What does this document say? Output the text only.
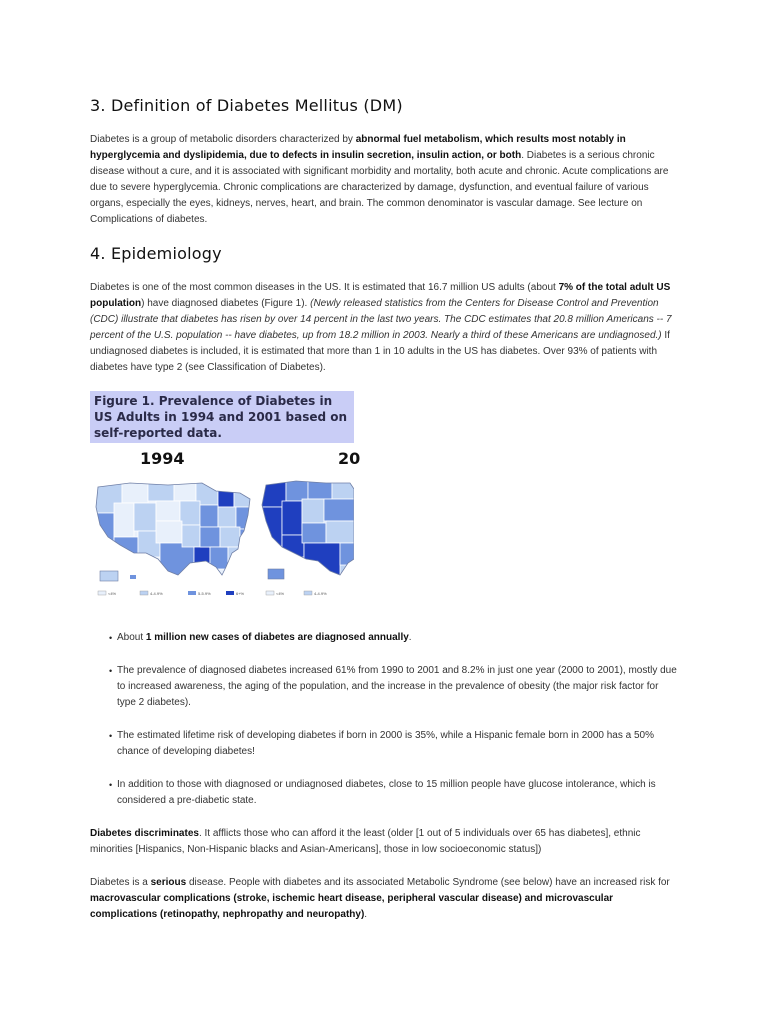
3. Definition of Diabetes Mellitus (DM)

Diabetes is a group of metabolic disorders characterized by abnormal fuel metabolism, which results most notably in hyperglycemia and dyslipidemia, due to defects in insulin secretion, insulin action, or both. Diabetes is a serious chronic disease without a cure, and it is associated with significant morbidity and mortality, both acute and chronic. Acute complications are due to severe hyperglycemia. Chronic complications are characterized by damage, dysfunction, and eventual failure of various organs, especially the eyes, kidneys, nerves, heart, and brain. The common denominator is vascular damage. See lecture on Complications of diabetes.

4. Epidemiology

Diabetes is one of the most common diseases in the US. It is estimated that 16.7 million US adults (about 7% of the total adult US population) have diagnosed diabetes (Figure 1). (Newly released statistics from the Centers for Disease Control and Prevention (CDC) illustrate that diabetes has risen by over 14 percent in the last two years. The CDC estimates that 20.8 million Americans -- 7 percent of the U.S. population -- have diabetes, up from 18.2 million in 2003. Nearly a third of these Americans are undiagnosed.) If undiagnosed diabetes is included, it is estimated that more than 1 in 10 adults in the US has diabetes. Over 93% of patients with diabetes have type 2 (see Classification of Diabetes).

Figure 1. Prevalence of Diabetes in US Adults in 1994 and 2001 based on self-reported data.
1994	20
<4%	4-4.9%	5-5.9%	6+%	<4%	4-4.9%
• About 1 million new cases of diabetes are diagnosed annually.
• The prevalence of diagnosed diabetes increased 61% from 1990 to 2001 and 8.2% in just one year (2000 to 2001), mostly due to increased awareness, the aging of the population, and the increase in the prevalence of obesity (the major risk factor for type 2 diabetes).
• The estimated lifetime risk of developing diabetes if born in 2000 is 35%, while a Hispanic female born in 2000 has a 50% chance of developing diabetes!
• In addition to those with diagnosed or undiagnosed diabetes, close to 15 million people have glucose intolerance, which is considered a pre-diabetic state.

Diabetes discriminates. It afflicts those who can afford it the least (older [1 out of 5 individuals over 65 has diabetes], ethnic minorities [Hispanics, Non-Hispanic blacks and Asian-Americans], those in low socioeconomic status])

Diabetes is a serious disease. People with diabetes and its associated Metabolic Syndrome (see below) have an increased risk for macrovascular complications (stroke, ischemic heart disease, peripheral vascular disease) and microvascular complications (retinopathy, nephropathy and neuropathy).
